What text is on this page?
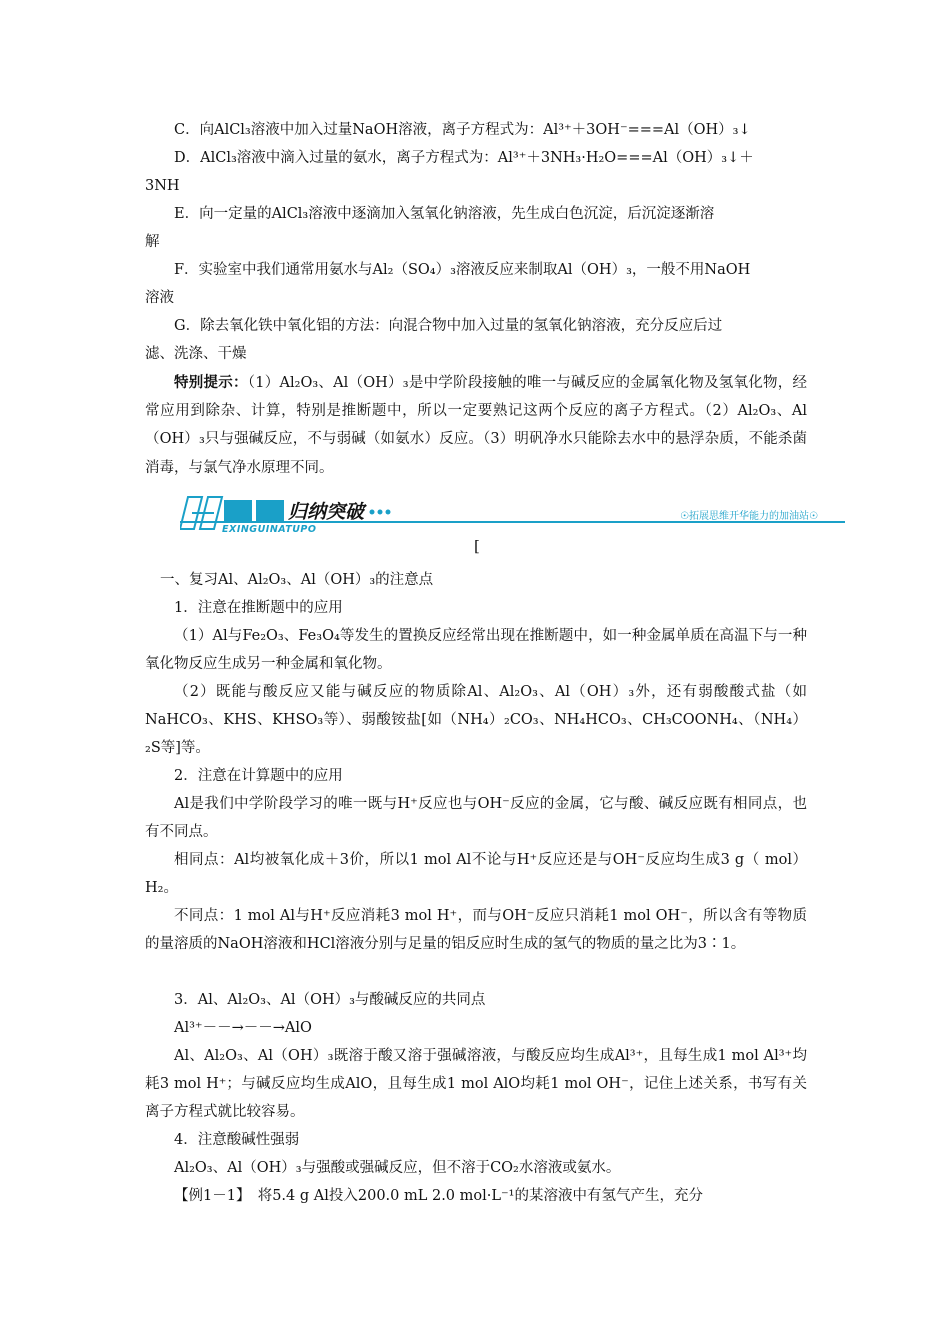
C．向AlCl₃溶液中加入过量NaOH溶液，离子方程式为：Al³⁺＋3OH⁻===Al（OH）₃↓
D．AlCl₃溶液中滴入过量的氨水，离子方程式为：Al³⁺＋3NH₃·H₂O===Al（OH）₃↓＋
3NH
E．向一定量的AlCl₃溶液中逐滴加入氢氧化钠溶液，先生成白色沉淀，后沉淀逐渐溶
解
F．实验室中我们通常用氨水与Al₂（SO₄）₃溶液反应来制取Al（OH）₃，一般不用NaOH
溶液
G．除去氧化铁中氧化铝的方法：向混合物中加入过量的氢氧化钠溶液，充分反应后过
滤、洗涤、干燥
特别提示：（1）Al₂O₃、Al（OH）₃是中学阶段接触的唯一与碱反应的金属氧化物及氢氧化物，经常应用到除杂、计算，特别是推断题中，所以一定要熟记这两个反应的离子方程式。（2）Al₂O₃、Al（OH）₃只与强碱反应，不与弱碱（如氨水）反应。（3）明矾净水只能除去水中的悬浮杂质，不能杀菌消毒，与氯气净水原理不同。
归纳突破
EXINGUINATUPO
☉拓展思维开华能力的加油站☉
[
一、复习Al、Al₂O₃、Al（OH）₃的注意点
1．注意在推断题中的应用
（1）Al与Fe₂O₃、Fe₃O₄等发生的置换反应经常出现在推断题中，如一种金属单质在高温下与一种氧化物反应生成另一种金属和氧化物。
（2）既能与酸反应又能与碱反应的物质除Al、Al₂O₃、Al（OH）₃外，还有弱酸酸式盐（如NaHCO₃、KHS、KHSO₃等）、弱酸铵盐[如（NH₄）₂CO₃、NH₄HCO₃、CH₃COONH₄、（NH₄）₂S等]等。
2．注意在计算题中的应用
Al是我们中学阶段学习的唯一既与H⁺反应也与OH⁻反应的金属，它与酸、碱反应既有相同点，也有不同点。
相同点：Al均被氧化成＋3价，所以1 mol Al不论与H⁺反应还是与OH⁻反应均生成3 g（ mol）H₂。
不同点：1 mol Al与H⁺反应消耗3 mol H⁺，而与OH⁻反应只消耗1 mol OH⁻，所以含有等物质的量溶质的NaOH溶液和HCl溶液分别与足量的铝反应时生成的氢气的物质的量之比为3∶1。
3．Al、Al₂O₃、Al（OH）₃与酸碱反应的共同点
Al³⁺－－→－－→AlO
Al、Al₂O₃、Al（OH）₃既溶于酸又溶于强碱溶液，与酸反应均生成Al³⁺，且每生成1 mol Al³⁺均耗3 mol H⁺；与碱反应均生成AlO，且每生成1 mol AlO均耗1 mol OH⁻，记住上述关系，书写有关离子方程式就比较容易。
4．注意酸碱性强弱
Al₂O₃、Al（OH）₃与强酸或强碱反应，但不溶于CO₂水溶液或氨水。
【例1－1】　将5.4 g Al投入200.0 mL 2.0 mol·L⁻¹的某溶液中有氢气产生，充分
